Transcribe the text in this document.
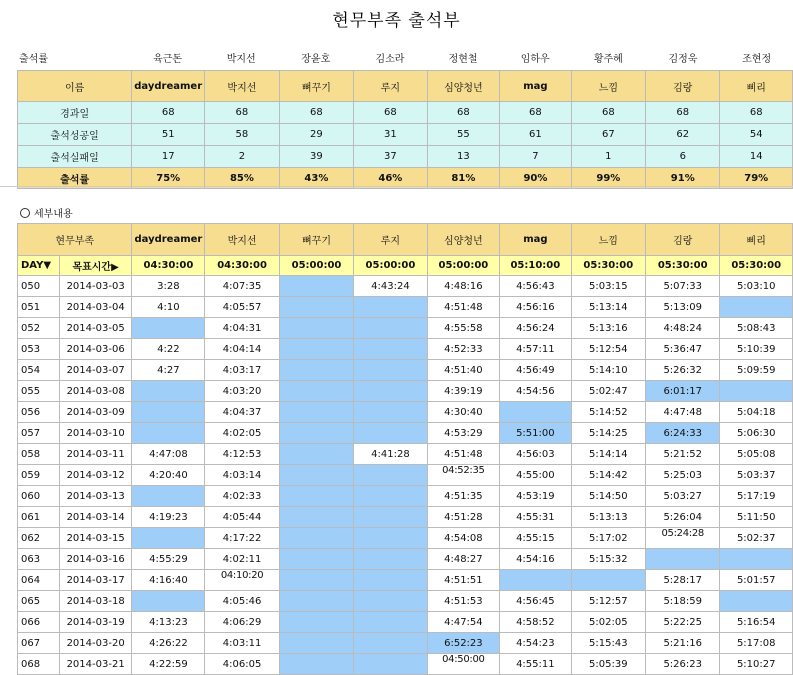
현무부족 출석부
출석률	육근돈	박지선	장윤호	김소라	정현철	임하우	황주혜	김정욱	조현정
이름	daydreamer	박지선	뼈꾸기	루지	심양청년	mag	느낌	김랑	삐리
경과일	68	68	68	68	68	68	68	68	68
출석성공일	51	58	29	31	55	61	67	62	54
출석실패일	17	2	39	37	13	7	1	6	14
출석률	75%	85%	43%	46%	81%	90%	99%	91%	79%
세부내용
현무부족		daydreamer	박지선	뼈꾸기	루지	심양청년	mag	느낌	김랑	삐리
DAY▼	목표시간▶	04:30:00	04:30:00	05:00:00	05:00:00	05:00:00	05:10:00	05:30:00	05:30:00	05:30:00
050	2014-03-03	3:28	4:07:35		4:43:24	4:48:16	4:56:43	5:03:15	5:07:33	5:03:10
051	2014-03-04	4:10	4:05:57			4:51:48	4:56:16	5:13:14	5:13:09	
052	2014-03-05		4:04:31			4:55:58	4:56:24	5:13:16	4:48:24	5:08:43
053	2014-03-06	4:22	4:04:14			4:52:33	4:57:11	5:12:54	5:36:47	5:10:39
054	2014-03-07	4:27	4:03:17			4:51:40	4:56:49	5:14:10	5:26:32	5:09:59
055	2014-03-08		4:03:20			4:39:19	4:54:56	5:02:47	6:01:17	
056	2014-03-09		4:04:37			4:30:40		5:14:52	4:47:48	5:04:18
057	2014-03-10		4:02:05			4:53:29	5:51:00	5:14:25	6:24:33	5:06:30
058	2014-03-11	4:47:08	4:12:53		4:41:28	4:51:48	4:56:03	5:14:14	5:21:52	5:05:08
059	2014-03-12	4:20:40	4:03:14			04:52:35	4:55:00	5:14:42	5:25:03	5:03:37
060	2014-03-13		4:02:33			4:51:35	4:53:19	5:14:50	5:03:27	5:17:19
061	2014-03-14	4:19:23	4:05:44			4:51:28	4:55:31	5:13:13	5:26:04	5:11:50
062	2014-03-15		4:17:22			4:54:08	4:55:15	5:17:02	05:24:28	5:02:37
063	2014-03-16	4:55:29	4:02:11			4:48:27	4:54:16	5:15:32		
064	2014-03-17	4:16:40	04:10:20			4:51:51			5:28:17	5:01:57
065	2014-03-18		4:05:46			4:51:53	4:56:45	5:12:57	5:18:59	
066	2014-03-19	4:13:23	4:06:29			4:47:54	4:58:52	5:02:05	5:22:25	5:16:54
067	2014-03-20	4:26:22	4:03:11			6:52:23	4:54:23	5:15:43	5:21:16	5:17:08
068	2014-03-21	4:22:59	4:06:05			04:50:00	4:55:11	5:05:39	5:26:23	5:10:27
